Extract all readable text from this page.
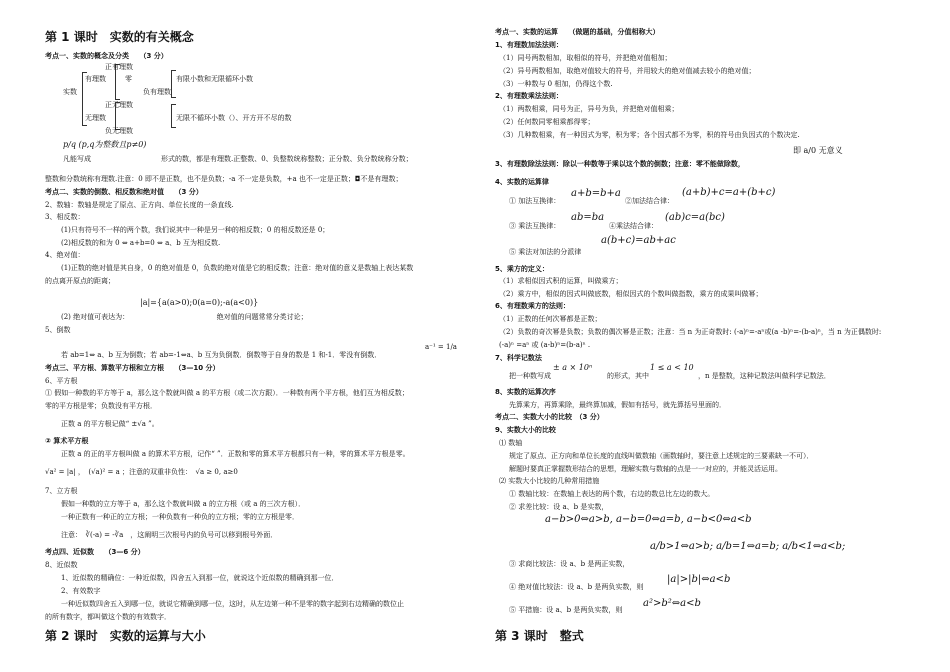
第 1 课时　实数的有关概念
考点一、实数的概念及分类　　（3 分）
实数
有理数
正有理数
零
负有理数
有限小数和无限循环小数
正无理数
无理数
负无理数
无限不循环小数（）、开方开不尽的数
p/q (p,q为整数且p≠0)
凡能写成　　　　　　　　　　形式的数，都是有理数.正整数、0、负整数统称整数；正分数、负分数统称分数；
整数和分数统称有理数.注意：0 即不是正数，也不是负数；-a 不一定是负数，+a 也不一定是正数；◘不是有理数；
考点二、实数的倒数、相反数和绝对值　　（3 分）
2、数轴：数轴是规定了原点、正方向、单位长度的一条直线.
3、相反数：
(1)只有符号不一样的两个数，我们说其中一种是另一种的相反数；0 的相反数还是 0；
(2)相反数的和为 0 ⇔ a+b=0 ⇔ a、b 互为相反数.
4、绝对值：
(1)正数的绝对值是其自身，0 的绝对值是 0，负数的绝对值是它的相反数；注意：绝对值的意义是数轴上表达某数
的点离开原点的距离；
|a|={a(a>0);0(a=0);-a(a<0)}
(2) 绝对值可表达为：　　　　　　　　　　　　　绝对值的问题常常分类讨论；
5、倒数
a⁻¹ = 1/a
若 ab=1⇔ a、b 互为倒数；若 ab=-1⇔a、b 互为负倒数．倒数等于自身的数是 1 和-1．零没有倒数．
考点三、平方根、算数平方根和立方根　　（3—10 分）
6、平方根
① 假如一种数的平方等于 a，那么这个数就叫做 a 的平方根（或二次方跟）．一种数有两个平方根，他们互为相反数；
零的平方根是零；负数没有平方根．
正数 a 的平方根记做“ ±√a ”。
② 算术平方根
正数 a 的正的平方根叫做 a 的算术平方根，记作“ ”．正数和零的算术平方根都只有一种，零的算术平方根是零。
√a² = |a| ，　(√a)² = a ；注意的双重非负性：　√a ≥ 0, a≥0
7、立方根
假如一种数的立方等于 a，那么这个数就叫做 a 的立方根（或 a 的三次方根）．
一种正数有一种正的立方根；一种负数有一种负的立方根；零的立方根是零．
注意：　∛(-a) = -∛a　，这阐明三次根号内的负号可以移到根号外面．
考点四、近似数　　（3—6 分）
8、近似数
1、近似数的精确位：一种近似数，四舍五入到那一位，就说这个近似数的精确到那一位．
2、有效数字
一种近似数四舍五入到哪一位，就说它精确到哪一位，这时，从左边第一种不是零的数字起到右边精确的数位止
的所有数字，都叫做这个数的有效数字．
第 2 课时　实数的运算与大小
考点一、实数的运算　　（做题的基础，分值相称大）
1、有理数加法法则：
（1）同号两数相加，取相似的符号，并把绝对值相加；
（2）异号两数相加，取绝对值较大的符号，并用较大的绝对值减去较小的绝对值；
（3）一种数与 0 相加，仍得这个数.
2、有理数乘法法则：
（1）两数相乘，同号为正，异号为负，并把绝对值相乘；
（2）任何数同零相乘都得零；
（3）几种数相乘，有一种因式为零，积为零；各个因式都不为零，积的符号由负因式的个数决定.
即 a/0 无意义
3、有理数除法法则：除以一种数等于乘以这个数的倒数；注意：零不能做除数，
4、实数的运算律
① 加法互换律：
a+b=b+a
②加法结合律：
(a+b)+c=a+(b+c)
③ 乘法互换律：
ab=ba
④乘法结合律：
(ab)c=a(bc)
a(b+c)=ab+ac
⑤ 乘法对加法的分派律
5、乘方的定义：
（1）求相似因式积的运算，叫做乘方；
（2）乘方中，相似的因式叫做底数，相似因式的个数叫做指数，乘方的成果叫做幂；
6、有理数乘方的法则：
（1）正数的任何次幂都是正数；
（2）负数的奇次幂是负数；负数的偶次幂是正数；注意：当 n 为正奇数时: (-a)ⁿ=-aⁿ或(a -b)ⁿ=-(b-a)ⁿ，当 n 为正偶数时:
(-a)ⁿ =aⁿ 或 (a-b)ⁿ=(b-a)ⁿ .
7、科学记数法
± a × 10ⁿ	1 ≤ a < 10
把一种数写成　　　　　　　　的形式，其中　　　　　　　，n 是整数，这种记数法叫做科学记数法．
8、实数的运算次序
先算乘方，再算乘除，最终算加减，假如有括号，就先算括号里面的．
考点二、实数大小的比较　（3 分）
9、实数大小的比较
⑴ 数轴
规定了原点、正方向和单位长度的直线叫做数轴（画数轴时，要注意上述规定的三要素缺一不可）．
解题时要真正掌握数形结合的思想，理解实数与数轴的点是一一对应的，并能灵活运用。
⑵ 实数大小比较的几种常用措施
① 数轴比较：在数轴上表达的两个数，右边的数总比左边的数大。
② 求差比较：设 a、b 是实数，
a−b>0⇔a>b, a−b=0⇔a=b, a−b<0⇔a<b
a/b>1⇔a>b; a/b=1⇔a=b; a/b<1⇔a<b;
③ 求商比较法：设 a、b 是两正实数，
④ 绝对值比较法：设 a、b 是两负实数，则
|a|>|b|⇔a<b
⑤ 平措施：设 a、b 是两负实数，则
a²>b²⇔a<b
第 3 课时　整式
